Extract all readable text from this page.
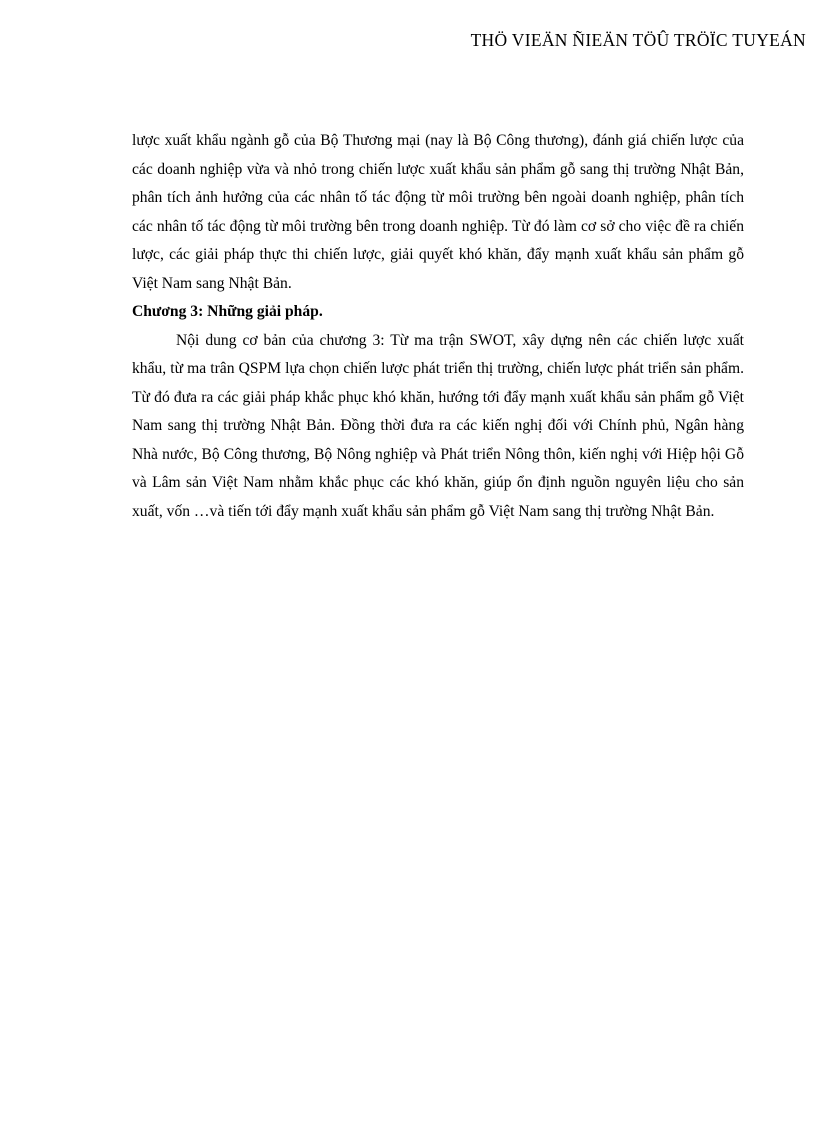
THÖ VIEÄN ÑIEÄN TÖÛ TRÖÏC TUYEÁN

lược xuất khẩu ngành gỗ của Bộ Thương mại (nay là Bộ Công thương), đánh giá chiến lược của các doanh nghiệp vừa và nhỏ trong chiến lược xuất khẩu sản phẩm gỗ sang thị trường Nhật Bản, phân tích ảnh hưởng của các nhân tố tác động từ môi trường bên ngoài doanh nghiệp, phân tích các nhân tố tác động từ môi trường bên trong doanh nghiệp. Từ đó làm cơ sở cho việc đề ra chiến lược, các giải pháp thực thi chiến lược, giải quyết khó khăn, đẩy mạnh xuất khẩu sản phẩm gỗ Việt Nam sang Nhật Bản.

Chương 3: Những giải pháp.

Nội dung cơ bản của chương 3: Từ ma trận SWOT, xây dựng nên các chiến lược xuất khẩu, từ ma trân QSPM lựa chọn chiến lược phát triển thị trường, chiến lược phát triển sản phẩm. Từ đó đưa ra các giải pháp khắc phục khó khăn, hướng tới đẩy mạnh xuất khẩu sản phẩm gỗ Việt Nam sang thị trường Nhật Bản. Đồng thời đưa ra các kiến nghị đối với Chính phủ, Ngân hàng Nhà nước, Bộ Công thương, Bộ Nông nghiệp và Phát triển Nông thôn, kiến nghị với Hiệp hội Gỗ và Lâm sản Việt Nam nhằm khắc phục các khó khăn, giúp ổn định nguồn nguyên liệu cho sản xuất, vốn …và tiến tới đẩy mạnh xuất khẩu sản phẩm gỗ Việt Nam sang thị trường Nhật Bản.
